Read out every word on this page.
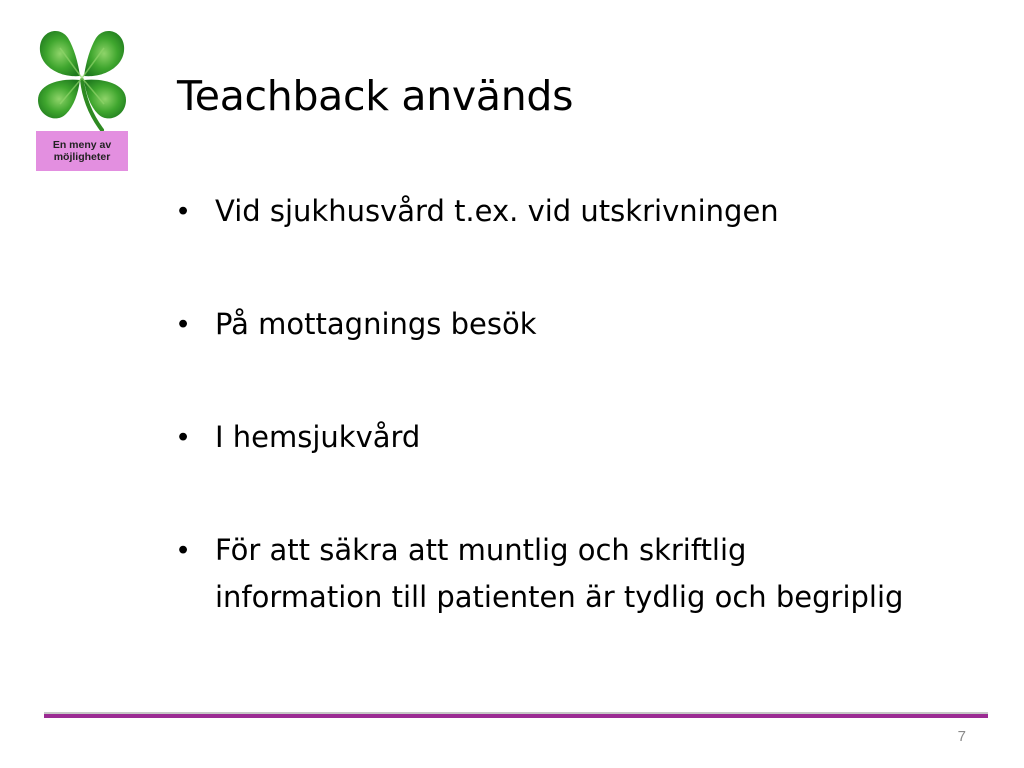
En meny av
möjligheter
Teachback används
• Vid sjukhusvård t.ex. vid utskrivningen
• På mottagnings besök
• I hemsjukvård
• För att säkra att muntlig och skriftlig information till patienten är tydlig och begriplig
7
